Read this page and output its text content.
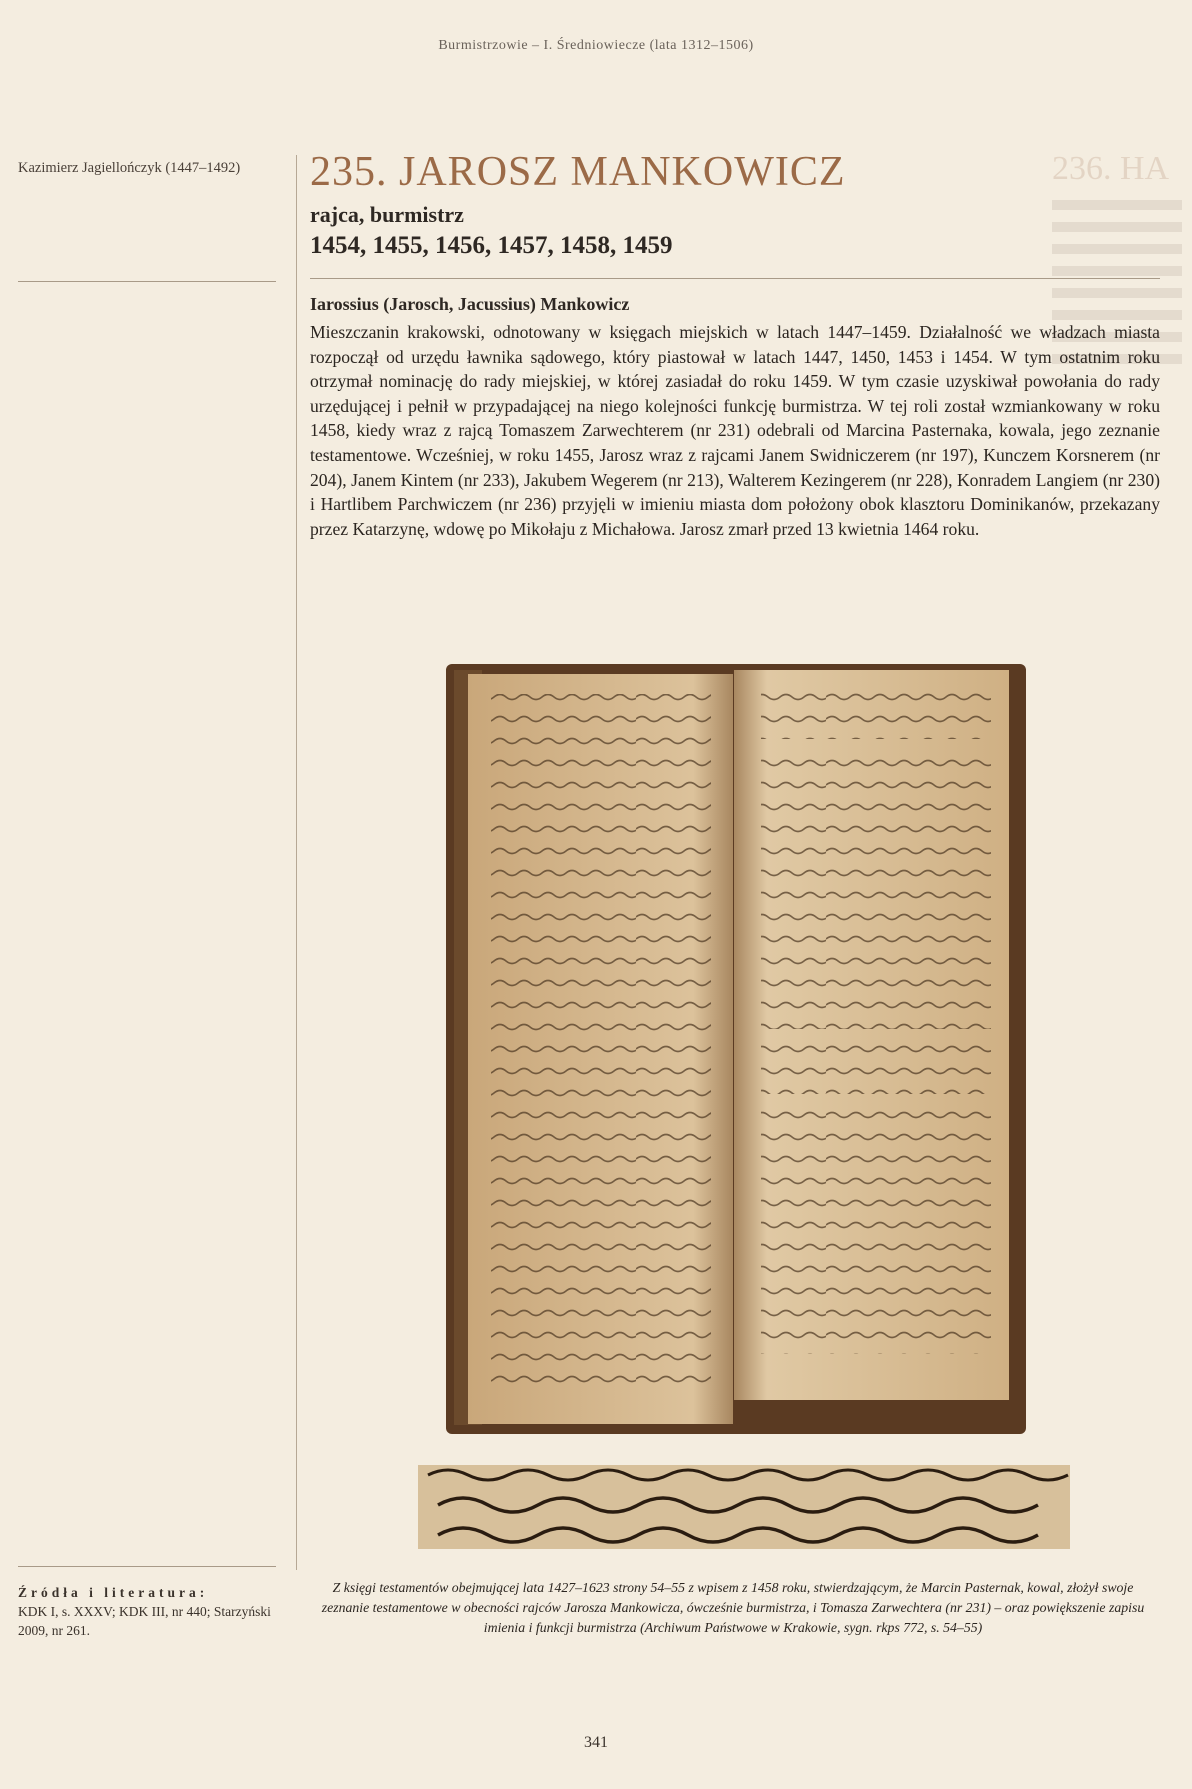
Burmistrzowie – I. Średniowiecze (lata 1312–1506)
236. HA
Kazimierz Jagiellończyk (1447–1492)	235. JAROSZ MANKOWICZ
rajca, burmistrz
1454, 1455, 1456, 1457, 1458, 1459
Iarossius (Jarosch, Jacussius) Mankowicz
Mieszczanin krakowski, odnotowany w księgach miejskich w latach 1447–1459. Działalność we władzach miasta rozpoczął od urzędu ławnika sądowego, który piastował w latach 1447, 1450, 1453 i 1454. W tym ostatnim roku otrzymał nominację do rady miejskiej, w której zasiadał do roku 1459. W tym czasie uzyskiwał powołania do rady urzędującej i pełnił w przypadającej na niego kolejności funkcję burmistrza. W tej roli został wzmiankowany w roku 1458, kiedy wraz z rajcą Tomaszem Zarwechterem (nr 231) odebrali od Marcina Pasternaka, kowala, jego zeznanie testamentowe. Wcześniej, w roku 1455, Jarosz wraz z rajcami Janem Swidniczerem (nr 197), Kunczem Korsnerem (nr 204), Janem Kintem (nr 233), Jakubem Wegerem (nr 213), Walterem Kezingerem (nr 228), Konradem Langiem (nr 230) i Hartlibem Parchwiczem (nr 236) przyjęli w imieniu miasta dom położony obok klasztoru Dominikanów, przekazany przez Katarzynę, wdowę po Mikołaju z Michałowa. Jarosz zmarł przed 13 kwietnia 1464 roku.
Źródła i literatura:
KDK I, s. XXXV; KDK III, nr 440; Starzyński 2009, nr 261.
Z księgi testamentów obejmującej lata 1427–1623 strony 54–55 z wpisem z 1458 roku, stwierdzającym, że Marcin Pasternak, kowal, złożył swoje zeznanie testamentowe w obecności rajców Jarosza Mankowicza, ówcześnie burmistrza, i Tomasza Zarwechtera (nr 231) – oraz powiększenie zapisu imienia i funkcji burmistrza (Archiwum Państwowe w Krakowie, sygn. rkps 772, s. 54–55)
341
